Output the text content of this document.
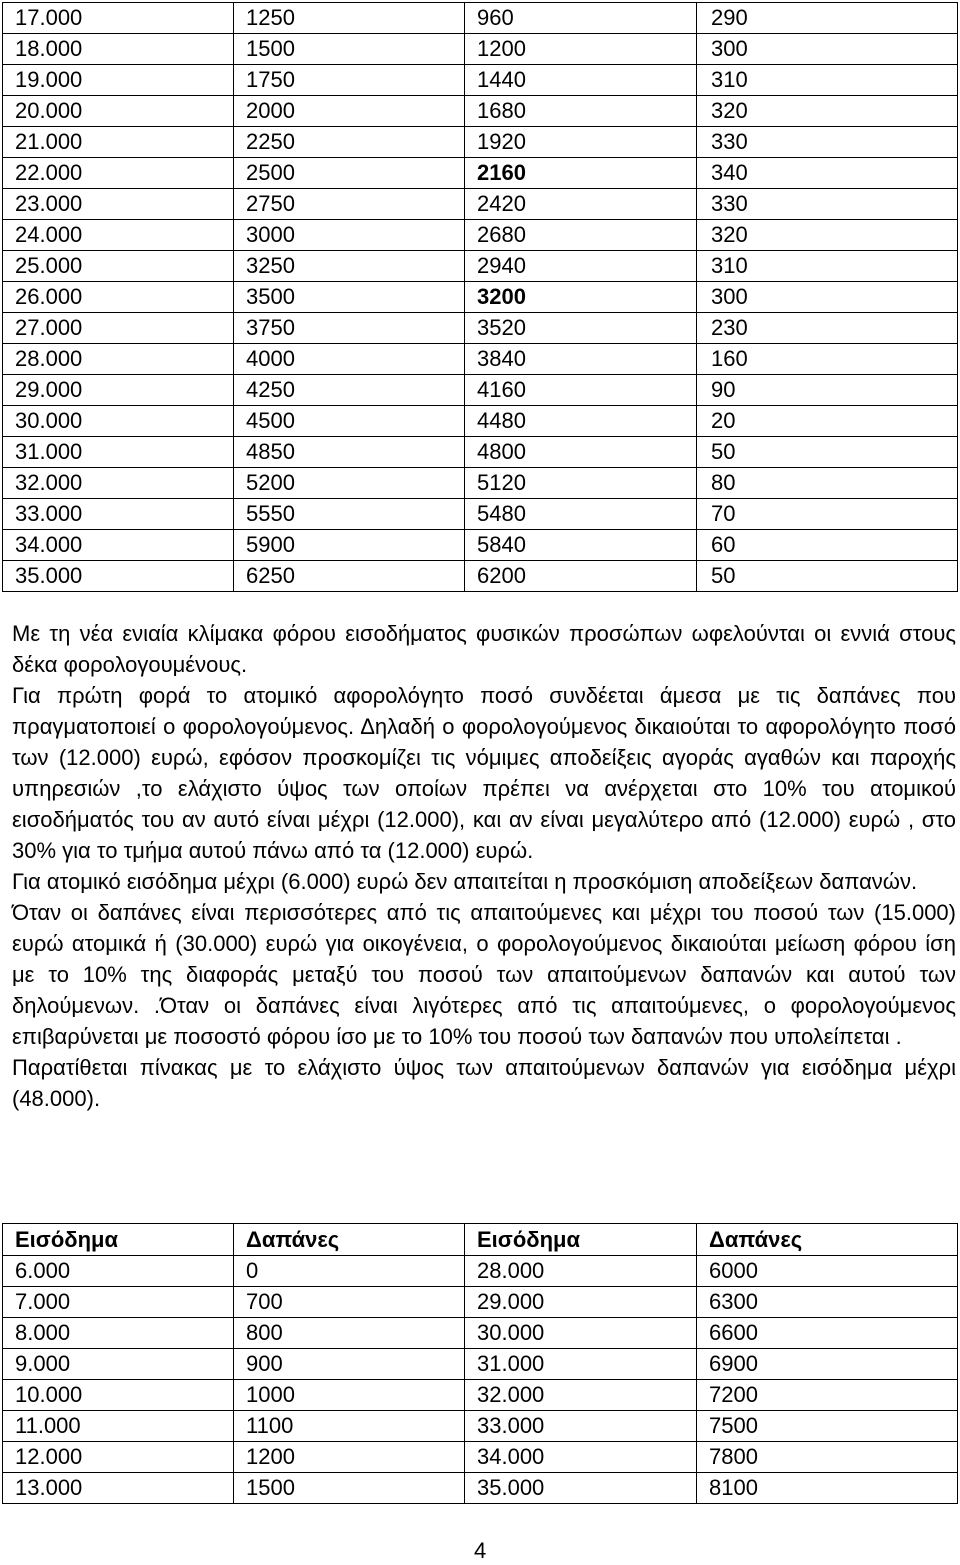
17.000	1250	960	290
18.000	1500	1200	300
19.000	1750	1440	310
20.000	2000	1680	320
21.000	2250	1920	330
22.000	2500	2160	340
23.000	2750	2420	330
24.000	3000	2680	320
25.000	3250	2940	310
26.000	3500	3200	300
27.000	3750	3520	230
28.000	4000	3840	160
29.000	4250	4160	90
30.000	4500	4480	20
31.000	4850	4800	50
32.000	5200	5120	80
33.000	5550	5480	70
34.000	5900	5840	60
35.000	6250	6200	50

Με τη νέα ενιαία κλίμακα φόρου εισοδήματος φυσικών προσώπων ωφελούνται οι εννιά στους δέκα φορολογουμένους.

Για πρώτη φορά το ατομικό αφορολόγητο ποσό συνδέεται άμεσα με τις δαπάνες που πραγματοποιεί ο φορολογούμενος. Δηλαδή ο φορολογούμενος δικαιούται το αφορολόγητο ποσό των (12.000) ευρώ, εφόσον προσκομίζει τις νόμιμες αποδείξεις αγοράς αγαθών και παροχής υπηρεσιών ,το ελάχιστο ύψος των οποίων πρέπει να ανέρχεται στο 10% του ατομικού εισοδήματός του αν αυτό είναι μέχρι (12.000), και αν είναι μεγαλύτερο από (12.000) ευρώ , στο 30% για το τμήμα αυτού πάνω από τα (12.000) ευρώ.

Για ατομικό εισόδημα μέχρι (6.000) ευρώ δεν απαιτείται η προσκόμιση αποδείξεων δαπανών.

Όταν οι δαπάνες είναι περισσότερες από τις απαιτούμενες και μέχρι του ποσού των (15.000) ευρώ ατομικά ή (30.000) ευρώ για οικογένεια, ο φορολογούμενος δικαιούται μείωση φόρου ίση με το 10% της διαφοράς μεταξύ του ποσού των απαιτούμενων δαπανών και αυτού των δηλούμενων. .Όταν οι δαπάνες είναι λιγότερες από τις απαιτούμενες, ο φορολογούμενος επιβαρύνεται με ποσοστό φόρου ίσο με το 10% του ποσού των δαπανών που υπολείπεται .

Παρατίθεται πίνακας με το ελάχιστο ύψος των απαιτούμενων δαπανών για εισόδημα μέχρι (48.000).

Εισόδημα	Δαπάνες	Εισόδημα	Δαπάνες
6.000	0	28.000	6000
7.000	700	29.000	6300
8.000	800	30.000	6600
9.000	900	31.000	6900
10.000	1000	32.000	7200
11.000	1100	33.000	7500
12.000	1200	34.000	7800
13.000	1500	35.000	8100
4
